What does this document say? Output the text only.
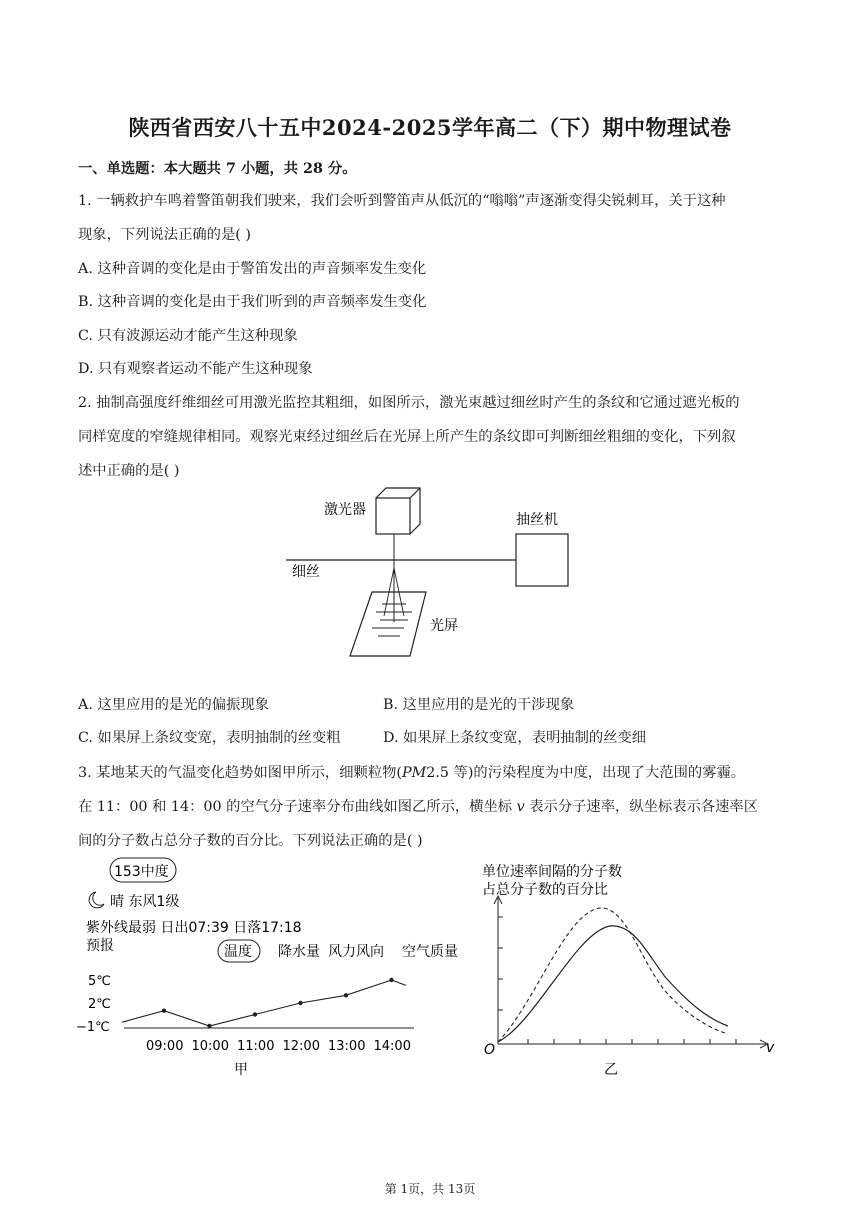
陕西省西安八十五中2024-2025学年高二（下）期中物理试卷
一、单选题：本大题共 7 小题，共 28 分。
1. 一辆救护车鸣着警笛朝我们驶来，我们会听到警笛声从低沉的“嗡嗡”声逐渐变得尖锐刺耳，关于这种
现象，下列说法正确的是( )
A. 这种音调的变化是由于警笛发出的声音频率发生变化
B. 这种音调的变化是由于我们听到的声音频率发生变化
C. 只有波源运动才能产生这种现象
D. 只有观察者运动不能产生这种现象
2. 抽制高强度纤维细丝可用激光监控其粗细，如图所示，激光束越过细丝时产生的条纹和它通过遮光板的
同样宽度的窄缝规律相同。观察光束经过细丝后在光屏上所产生的条纹即可判断细丝粗细的变化，下列叙
述中正确的是( )
激光器
细丝
抽丝机
光屏
A. 这里应用的是光的偏振现象	B. 这里应用的是光的干涉现象
C. 如果屏上条纹变宽，表明抽制的丝变粗	D. 如果屏上条纹变宽，表明抽制的丝变细
3. 某地某天的气温变化趋势如图甲所示，细颗粒物(PM2.5 等)的污染程度为中度，出现了大范围的雾霾。
在 11：00 和 14：00 的空气分子速率分布曲线如图乙所示，横坐标 v 表示分子速率，纵坐标表示各速率区
间的分子数占总分子数的百分比。下列说法正确的是( )
153中度
晴 东风1级
紫外线最弱 日出07:39 日落17:18
预报	温度 降水量 风力风向 空气质量
5℃
2℃
−1℃
09:00 10:00 11:00 12:00 13:00 14:00
甲
单位速率间隔的分子数
占总分子数的百分比
O	v
乙
第 1页，共 13页
